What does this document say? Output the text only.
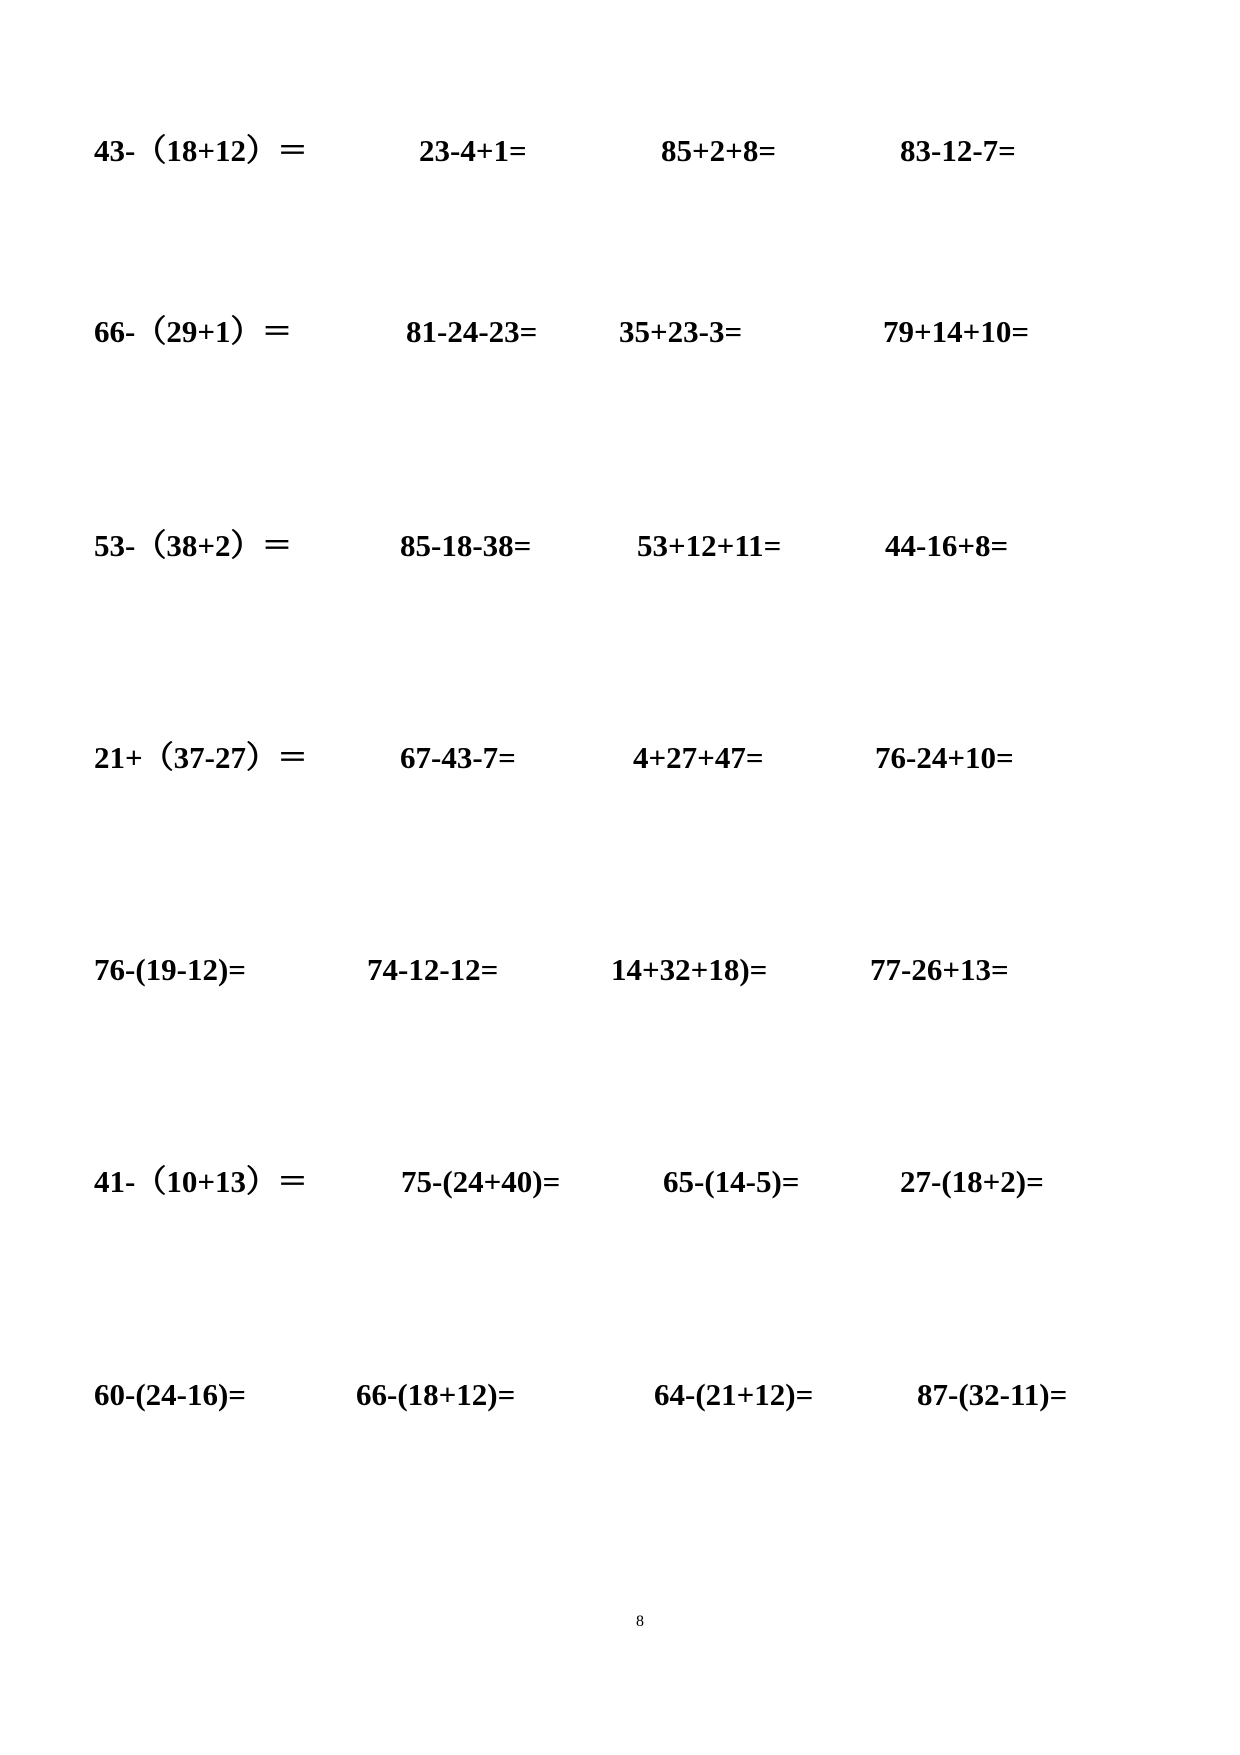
43-（18+12）＝	23-4+1=	85+2+8=	83-12-7=
66-（29+1）＝	81-24-23=	35+23-3=	79+14+10=
53-（38+2）＝	85-18-38=	53+12+11=	44-16+8=
21+（37-27）＝	67-43-7=	4+27+47=	76-24+10=
76-(19-12)=	74-12-12=	14+32+18)=	77-26+13=
41-（10+13）＝	75-(24+40)=	65-(14-5)=	27-(18+2)=
60-(24-16)=	66-(18+12)=	64-(21+12)=	87-(32-11)=
8
